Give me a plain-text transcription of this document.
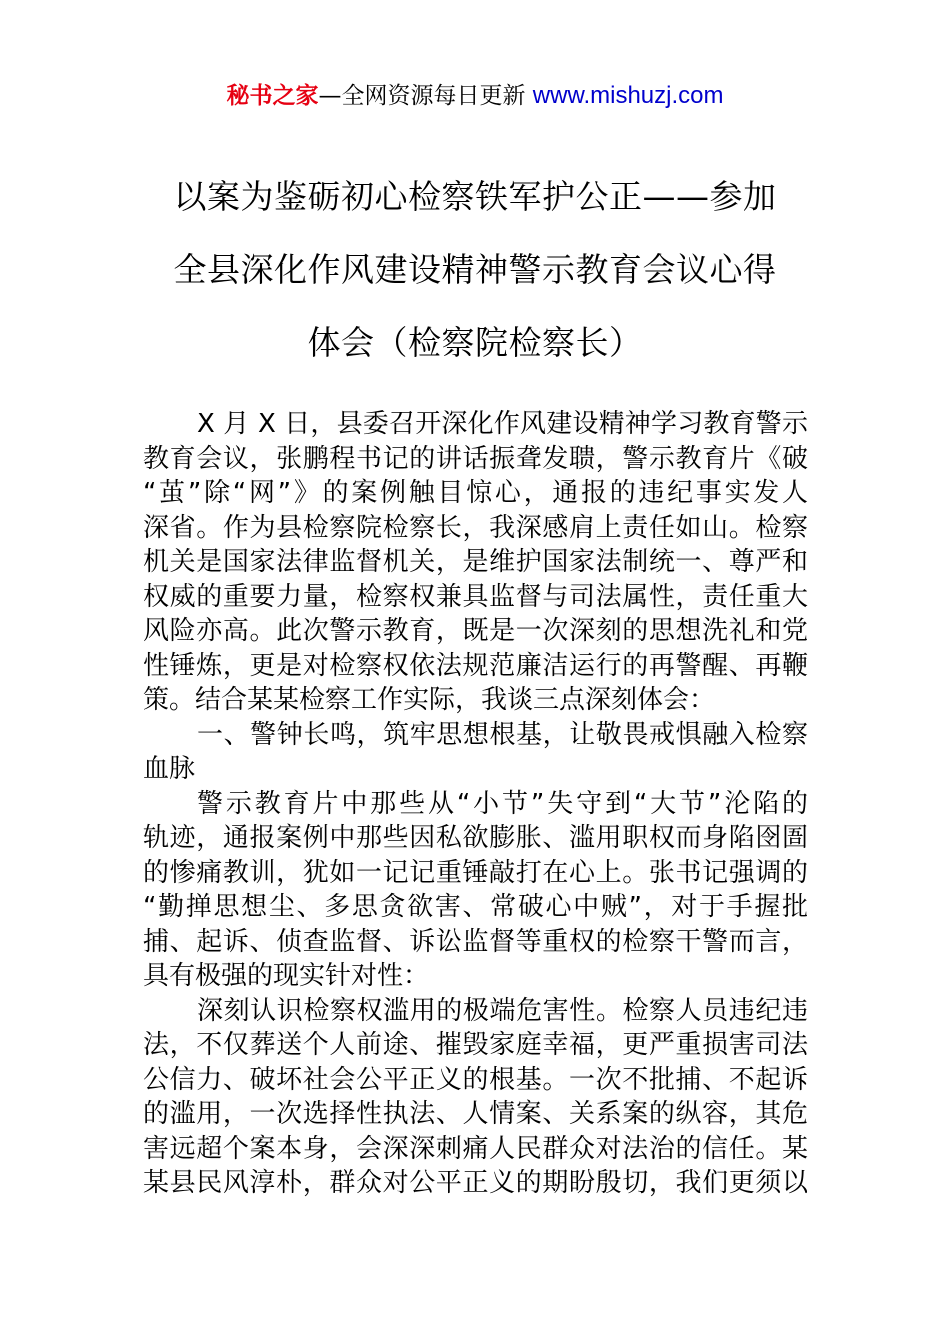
秘书之家—全网资源每日更新 www.mishuzj.com
以案为鉴砺初心检察铁军护公正——参加
全县深化作风建设精神警示教育会议心得
体会（检察院检察长）
X 月 X 日，县委召开深化作风建设精神学习教育警示
教育会议，张鹏程书记的讲话振聋发聩，警示教育片《破
“茧”除“网”》的案例触目惊心，通报的违纪事实发人
深省。作为县检察院检察长，我深感肩上责任如山。检察
机关是国家法律监督机关，是维护国家法制统一、尊严和
权威的重要力量，检察权兼具监督与司法属性，责任重大
风险亦高。此次警示教育，既是一次深刻的思想洗礼和党
性锤炼，更是对检察权依法规范廉洁运行的再警醒、再鞭
策。结合某某检察工作实际，我谈三点深刻体会：
一、警钟长鸣，筑牢思想根基，让敬畏戒惧融入检察
血脉
警示教育片中那些从“小节”失守到“大节”沦陷的
轨迹，通报案例中那些因私欲膨胀、滥用职权而身陷囹圄
的惨痛教训，犹如一记记重锤敲打在心上。张书记强调的
“勤掸思想尘、多思贪欲害、常破心中贼”，对于手握批
捕、起诉、侦查监督、诉讼监督等重权的检察干警而言，
具有极强的现实针对性：
深刻认识检察权滥用的极端危害性。检察人员违纪违
法，不仅葬送个人前途、摧毁家庭幸福，更严重损害司法
公信力、破坏社会公平正义的根基。一次不批捕、不起诉
的滥用，一次选择性执法、人情案、关系案的纵容，其危
害远超个案本身，会深深刺痛人民群众对法治的信任。某
某县民风淳朴，群众对公平正义的期盼殷切，我们更须以
